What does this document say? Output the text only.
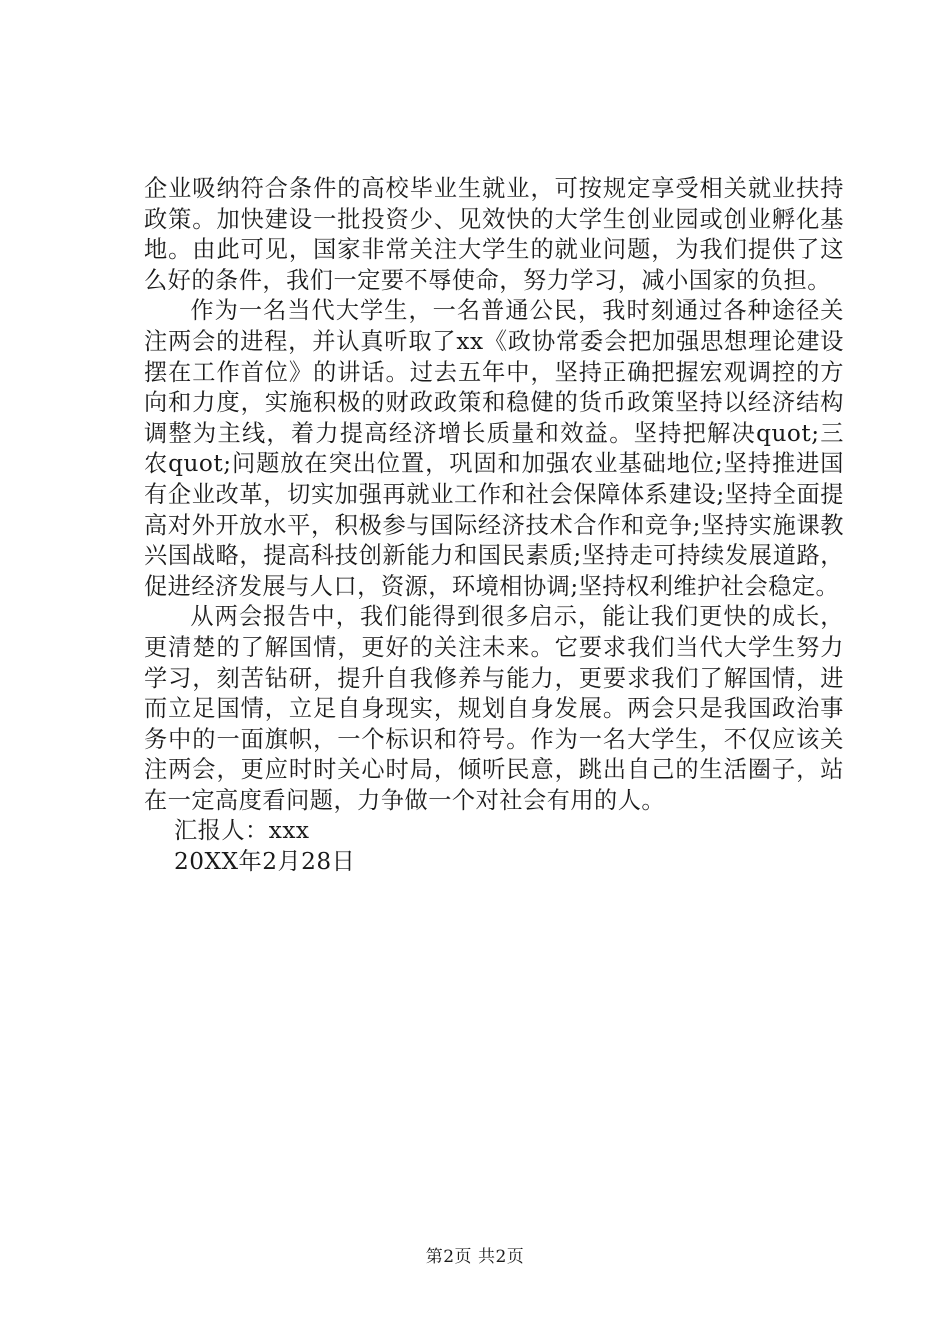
企业吸纳符合条件的高校毕业生就业，可按规定享受相关就业扶持政策。加快建设一批投资少、见效快的大学生创业园或创业孵化基地。由此可见，国家非常关注大学生的就业问题，为我们提供了这么好的条件，我们一定要不辱使命，努力学习，减小国家的负担。

作为一名当代大学生，一名普通公民，我时刻通过各种途径关注两会的进程，并认真听取了xx《政协常委会把加强思想理论建设摆在工作首位》的讲话。过去五年中，坚持正确把握宏观调控的方向和力度，实施积极的财政政策和稳健的货币政策坚持以经济结构调整为主线，着力提高经济增长质量和效益。坚持把解决quot;三农quot;问题放在突出位置，巩固和加强农业基础地位;坚持推进国有企业改革，切实加强再就业工作和社会保障体系建设;坚持全面提高对外开放水平，积极参与国际经济技术合作和竞争;坚持实施课教兴国战略，提高科技创新能力和国民素质;坚持走可持续发展道路，促进经济发展与人口，资源，环境相协调;坚持权利维护社会稳定。

从两会报告中，我们能得到很多启示，能让我们更快的成长，更清楚的了解国情，更好的关注未来。它要求我们当代大学生努力学习，刻苦钻研，提升自我修养与能力，更要求我们了解国情，进而立足国情，立足自身现实，规划自身发展。两会只是我国政治事务中的一面旗帜，一个标识和符号。作为一名大学生，不仅应该关注两会，更应时时关心时局，倾听民意，跳出自己的生活圈子，站在一定高度看问题，力争做一个对社会有用的人。

汇报人：xxx

20XX年2月28日

第2页 共2页
